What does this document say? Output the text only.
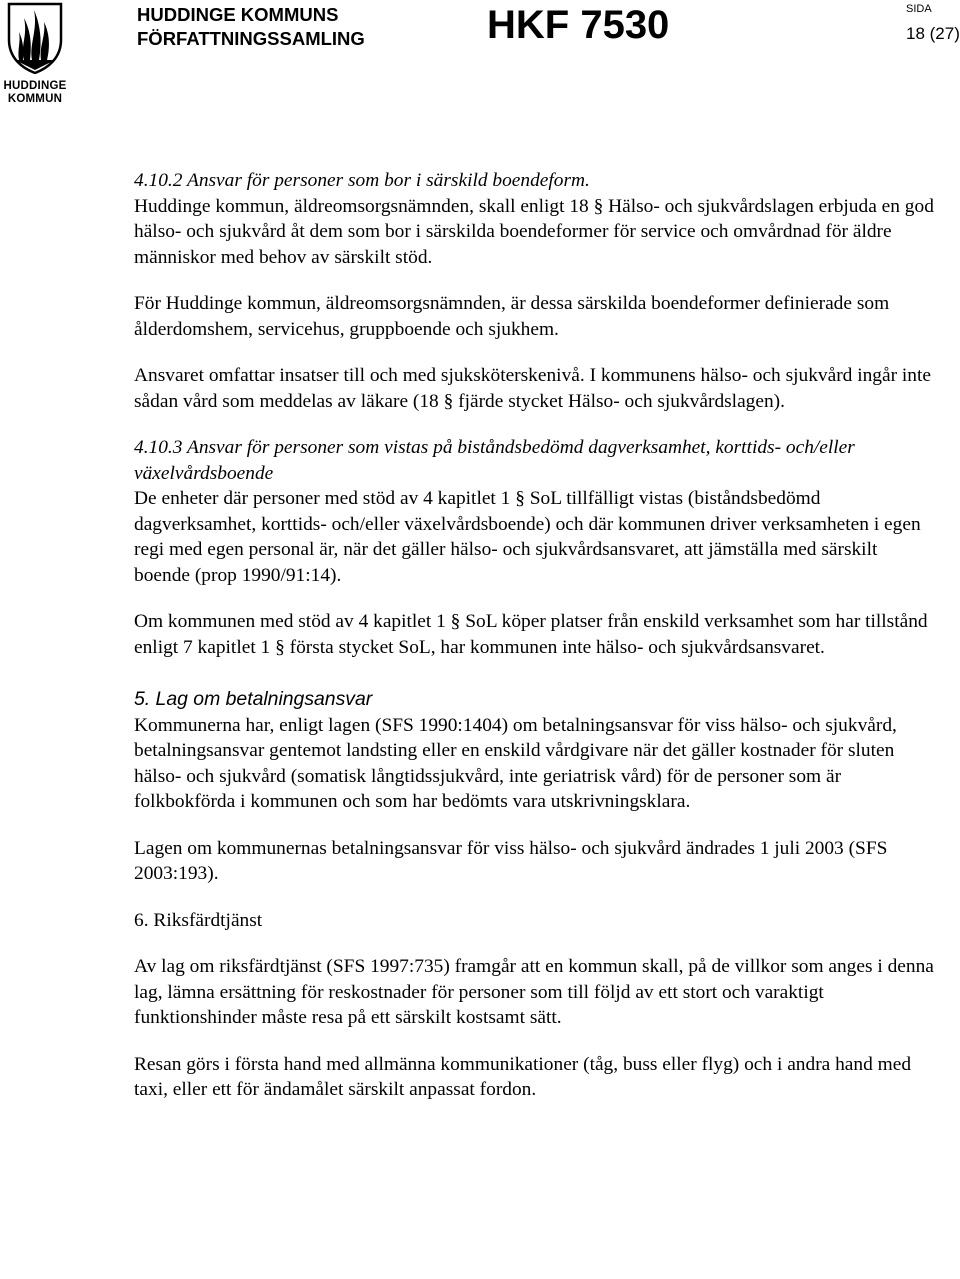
HUDDINGE
KOMMUN
HUDDINGE KOMMUNS
FÖRFATTNINGSSAMLING	HKF 7530	SIDA
18 (27)
4.10.2 Ansvar för personer som bor i särskild boendeform.

Huddinge kommun, äldreomsorgsnämnden, skall enligt 18 § Hälso- och sjukvårdslagen erbjuda en god hälso- och sjukvård åt dem som bor i särskilda boendeformer för service och omvårdnad för äldre människor med behov av särskilt stöd.

För Huddinge kommun, äldreomsorgsnämnden, är dessa särskilda boendeformer definierade som ålderdomshem, servicehus, gruppboende och sjukhem.

Ansvaret omfattar insatser till och med sjuksköterskenivå. I kommunens hälso- och sjukvård ingår inte sådan vård som meddelas av läkare (18 § fjärde stycket Hälso- och sjukvårdslagen).

4.10.3 Ansvar för personer som vistas på biståndsbedömd dagverksamhet, korttids- och/eller växelvårdsboende

De enheter där personer med stöd av 4 kapitlet 1 § SoL tillfälligt vistas (biståndsbedömd dagverksamhet, korttids- och/eller växelvårdsboende) och där kommunen driver verksamheten i egen regi med egen personal är, när det gäller hälso- och sjukvårdsansvaret, att jämställa med särskilt boende (prop 1990/91:14).

Om kommunen med stöd av 4 kapitlet 1 § SoL köper platser från enskild verksamhet som har tillstånd enligt 7 kapitlet 1 § första stycket SoL, har kommunen inte hälso- och sjukvårdsansvaret.

5. Lag om betalningsansvar

Kommunerna har, enligt lagen (SFS 1990:1404) om betalningsansvar för viss hälso- och sjukvård, betalningsansvar gentemot landsting eller en enskild vårdgivare när det gäller kostnader för sluten hälso- och sjukvård (somatisk långtidssjukvård, inte geriatrisk vård) för de personer som är folkbokförda i kommunen och som har bedömts vara utskrivningsklara.

Lagen om kommunernas betalningsansvar för viss hälso- och sjukvård ändrades 1 juli 2003 (SFS 2003:193).

6. Riksfärdtjänst

Av lag om riksfärdtjänst (SFS 1997:735) framgår att en kommun skall, på de villkor som anges i denna lag, lämna ersättning för reskostnader för personer som till följd av ett stort och varaktigt funktionshinder måste resa på ett särskilt kostsamt sätt.

Resan görs i första hand med allmänna kommunikationer (tåg, buss eller flyg) och i andra hand med taxi, eller ett för ändamålet särskilt anpassat fordon.
